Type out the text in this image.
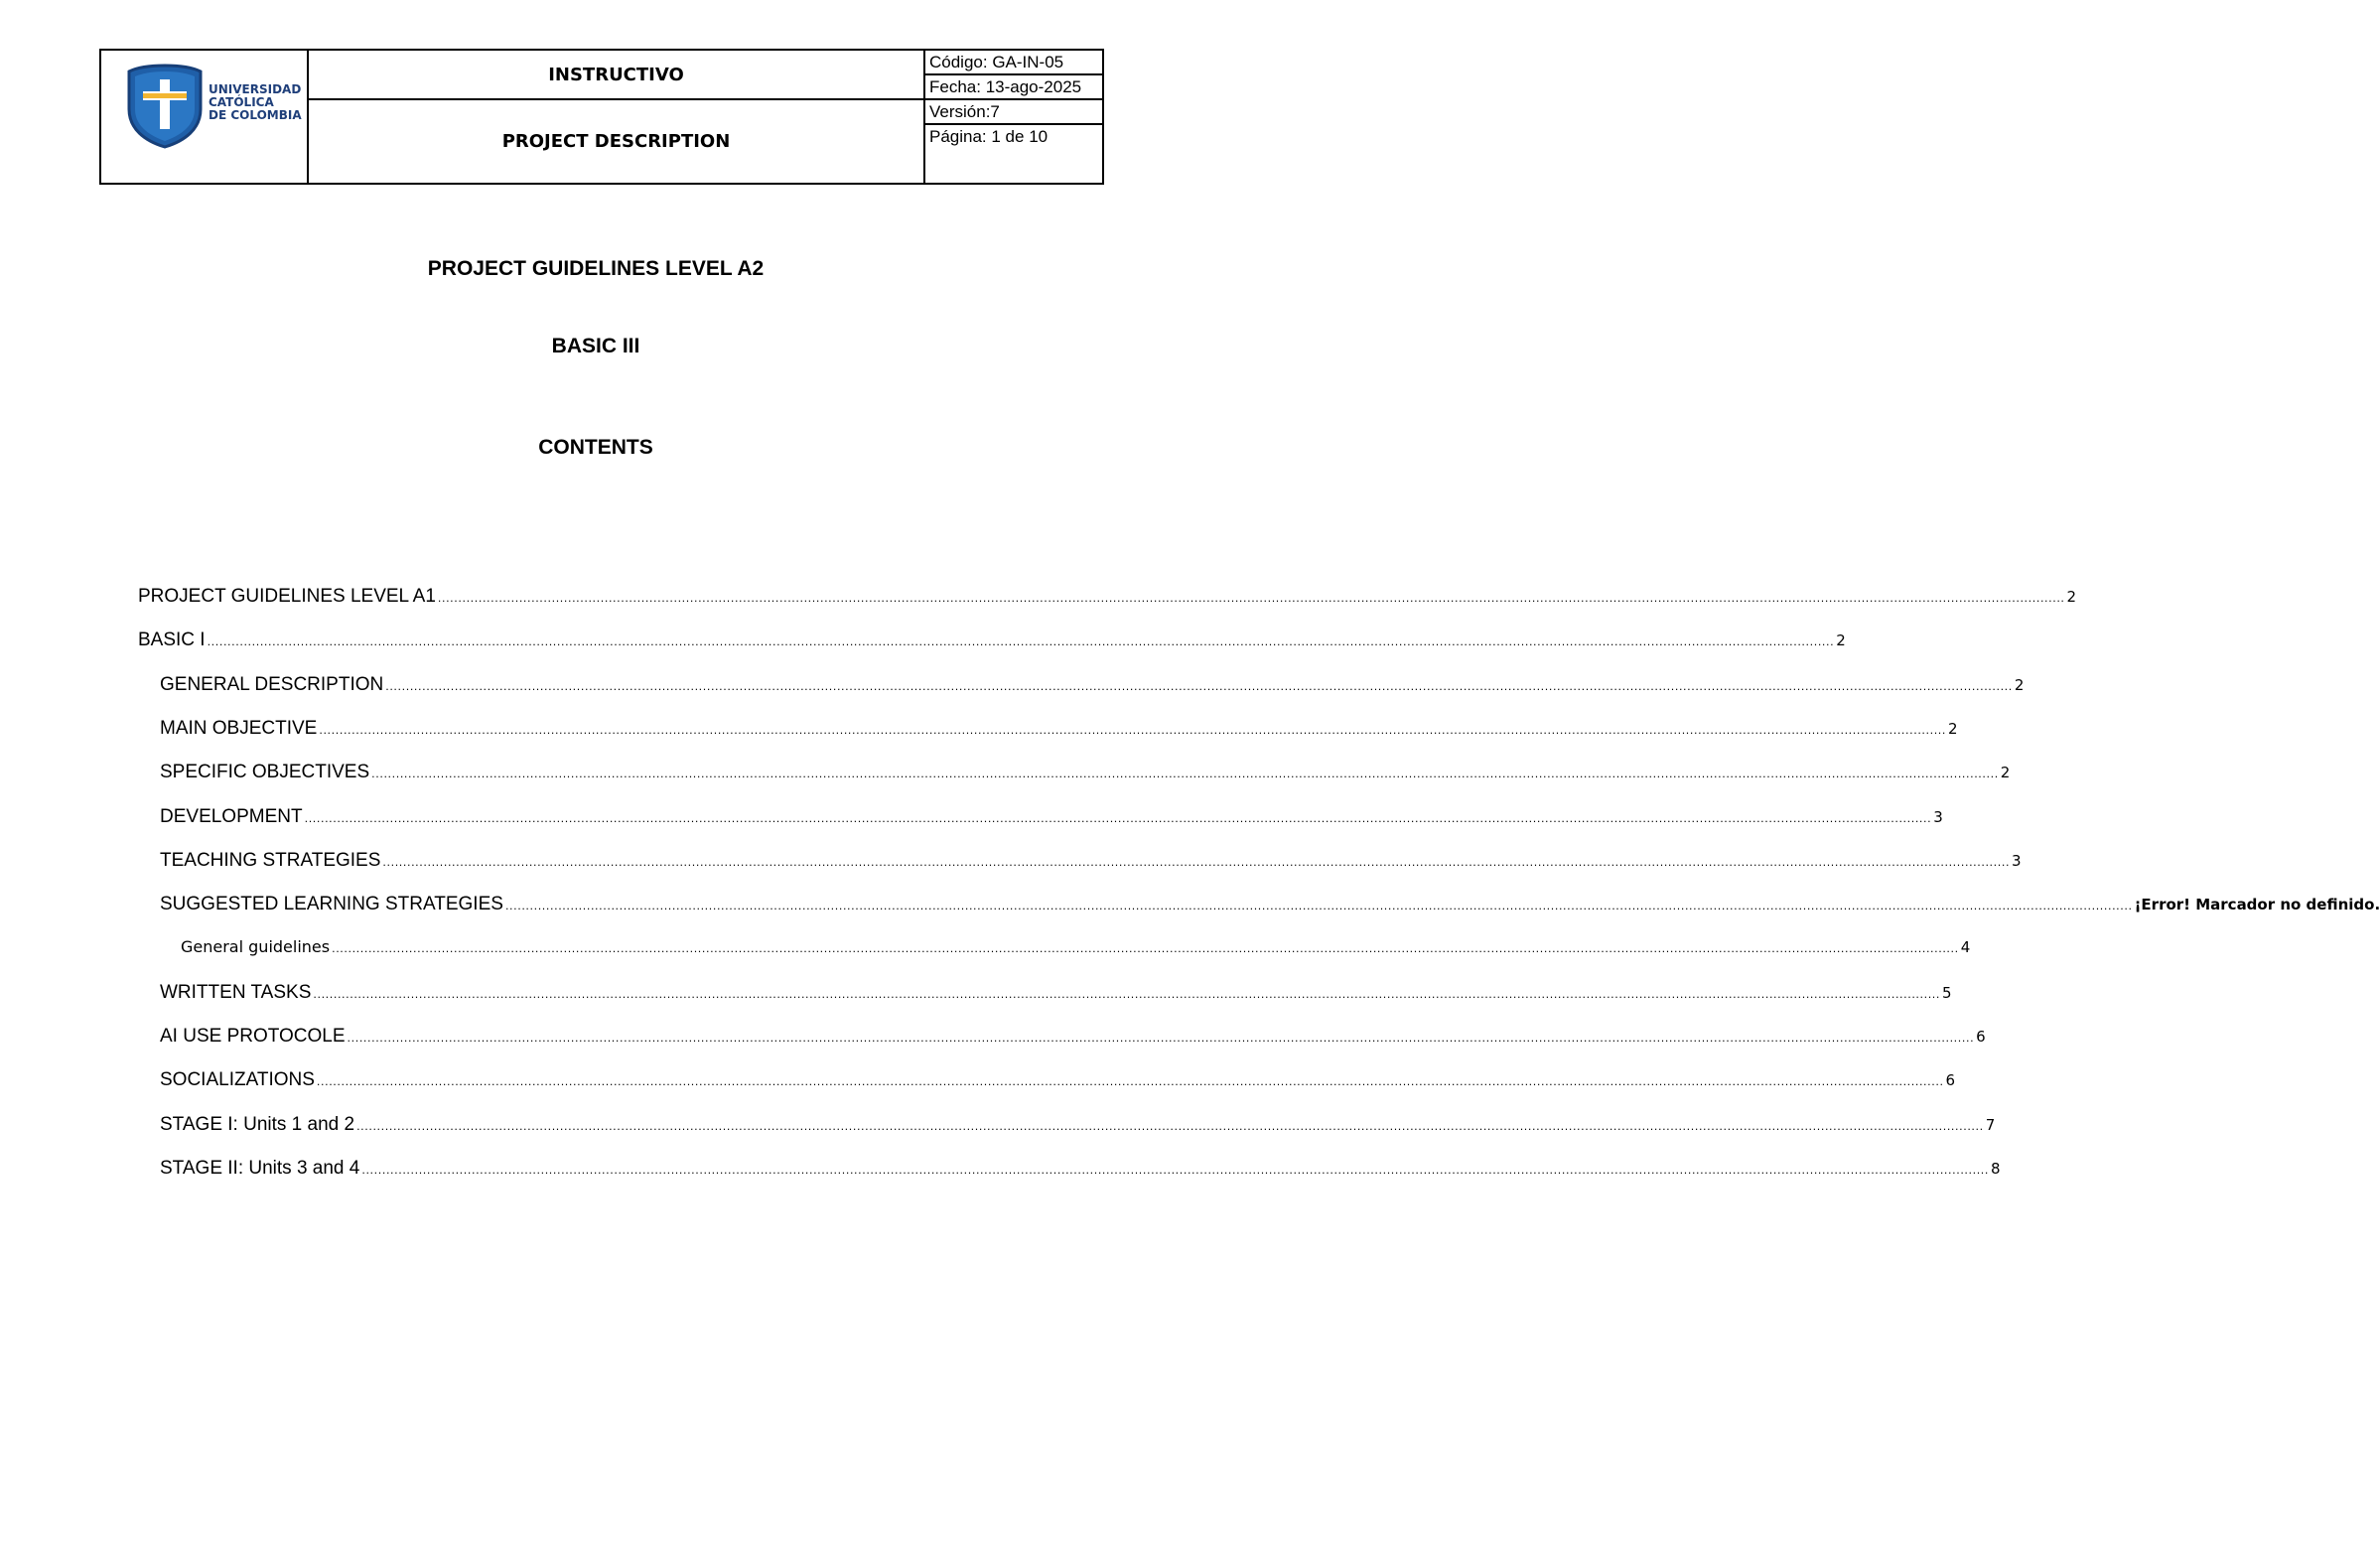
UNIVERSIDAD
CATÓLICA
DE COLOMBIA
INSTRUCTIVO
PROJECT DESCRIPTION
Código: GA-IN-05
Fecha: 13-ago-2025
Versión:7
Página: 1 de 10
PROJECT GUIDELINES LEVEL A2
BASIC III
CONTENTS
PROJECT GUIDELINES LEVEL A1 ................................................................................................................................................................................................................................................................................................................................................................................................................ 2
BASIC I ................................................................................................................................................................................................................................................................................................................................................................................................................ 2
GENERAL DESCRIPTION ................................................................................................................................................................................................................................................................................................................................................................................................................ 2
MAIN OBJECTIVE ................................................................................................................................................................................................................................................................................................................................................................................................................ 2
SPECIFIC OBJECTIVES ................................................................................................................................................................................................................................................................................................................................................................................................................ 2
DEVELOPMENT ................................................................................................................................................................................................................................................................................................................................................................................................................ 3
TEACHING STRATEGIES ................................................................................................................................................................................................................................................................................................................................................................................................................ 3
SUGGESTED LEARNING STRATEGIES ................................................................................................................................................................................................................................................................................................................................................................................................................ ¡Error! Marcador no definido.
General guidelines ................................................................................................................................................................................................................................................................................................................................................................................................................ 4
WRITTEN TASKS ................................................................................................................................................................................................................................................................................................................................................................................................................ 5
AI USE PROTOCOLE ................................................................................................................................................................................................................................................................................................................................................................................................................ 6
SOCIALIZATIONS ................................................................................................................................................................................................................................................................................................................................................................................................................ 6
STAGE I: Units 1 and 2 ................................................................................................................................................................................................................................................................................................................................................................................................................ 7
STAGE II: Units 3 and 4 ................................................................................................................................................................................................................................................................................................................................................................................................................ 8
